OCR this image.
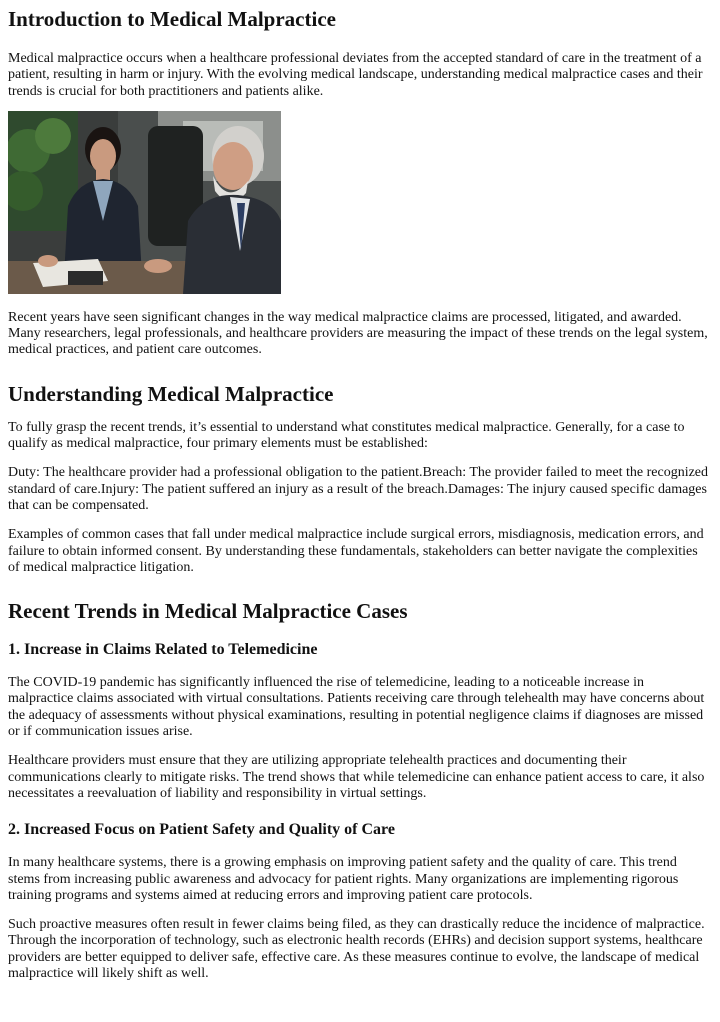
Introduction to Medical Malpractice

Medical malpractice occurs when a healthcare professional deviates from the accepted standard of care in the treatment of a patient, resulting in harm or injury. With the evolving medical landscape, understanding medical malpractice cases and their trends is crucial for both practitioners and patients alike.

Recent years have seen significant changes in the way medical malpractice claims are processed, litigated, and awarded. Many researchers, legal professionals, and healthcare providers are measuring the impact of these trends on the legal system, medical practices, and patient care outcomes.

Understanding Medical Malpractice

To fully grasp the recent trends, it’s essential to understand what constitutes medical malpractice. Generally, for a case to qualify as medical malpractice, four primary elements must be established:

Duty: The healthcare provider had a professional obligation to the patient.Breach: The provider failed to meet the recognized standard of care.Injury: The patient suffered an injury as a result of the breach.Damages: The injury caused specific damages that can be compensated.

Examples of common cases that fall under medical malpractice include surgical errors, misdiagnosis, medication errors, and failure to obtain informed consent. By understanding these fundamentals, stakeholders can better navigate the complexities of medical malpractice litigation.

Recent Trends in Medical Malpractice Cases
1. Increase in Claims Related to Telemedicine

The COVID-19 pandemic has significantly influenced the rise of telemedicine, leading to a noticeable increase in malpractice claims associated with virtual consultations. Patients receiving care through telehealth may have concerns about the adequacy of assessments without physical examinations, resulting in potential negligence claims if diagnoses are missed or if communication issues arise.

Healthcare providers must ensure that they are utilizing appropriate telehealth practices and documenting their communications clearly to mitigate risks. The trend shows that while telemedicine can enhance patient access to care, it also necessitates a reevaluation of liability and responsibility in virtual settings.

2. Increased Focus on Patient Safety and Quality of Care

In many healthcare systems, there is a growing emphasis on improving patient safety and the quality of care. This trend stems from increasing public awareness and advocacy for patient rights. Many organizations are implementing rigorous training programs and systems aimed at reducing errors and improving patient care protocols.

Such proactive measures often result in fewer claims being filed, as they can drastically reduce the incidence of malpractice. Through the incorporation of technology, such as electronic health records (EHRs) and decision support systems, healthcare providers are better equipped to deliver safe, effective care. As these measures continue to evolve, the landscape of medical malpractice will likely shift as well.
